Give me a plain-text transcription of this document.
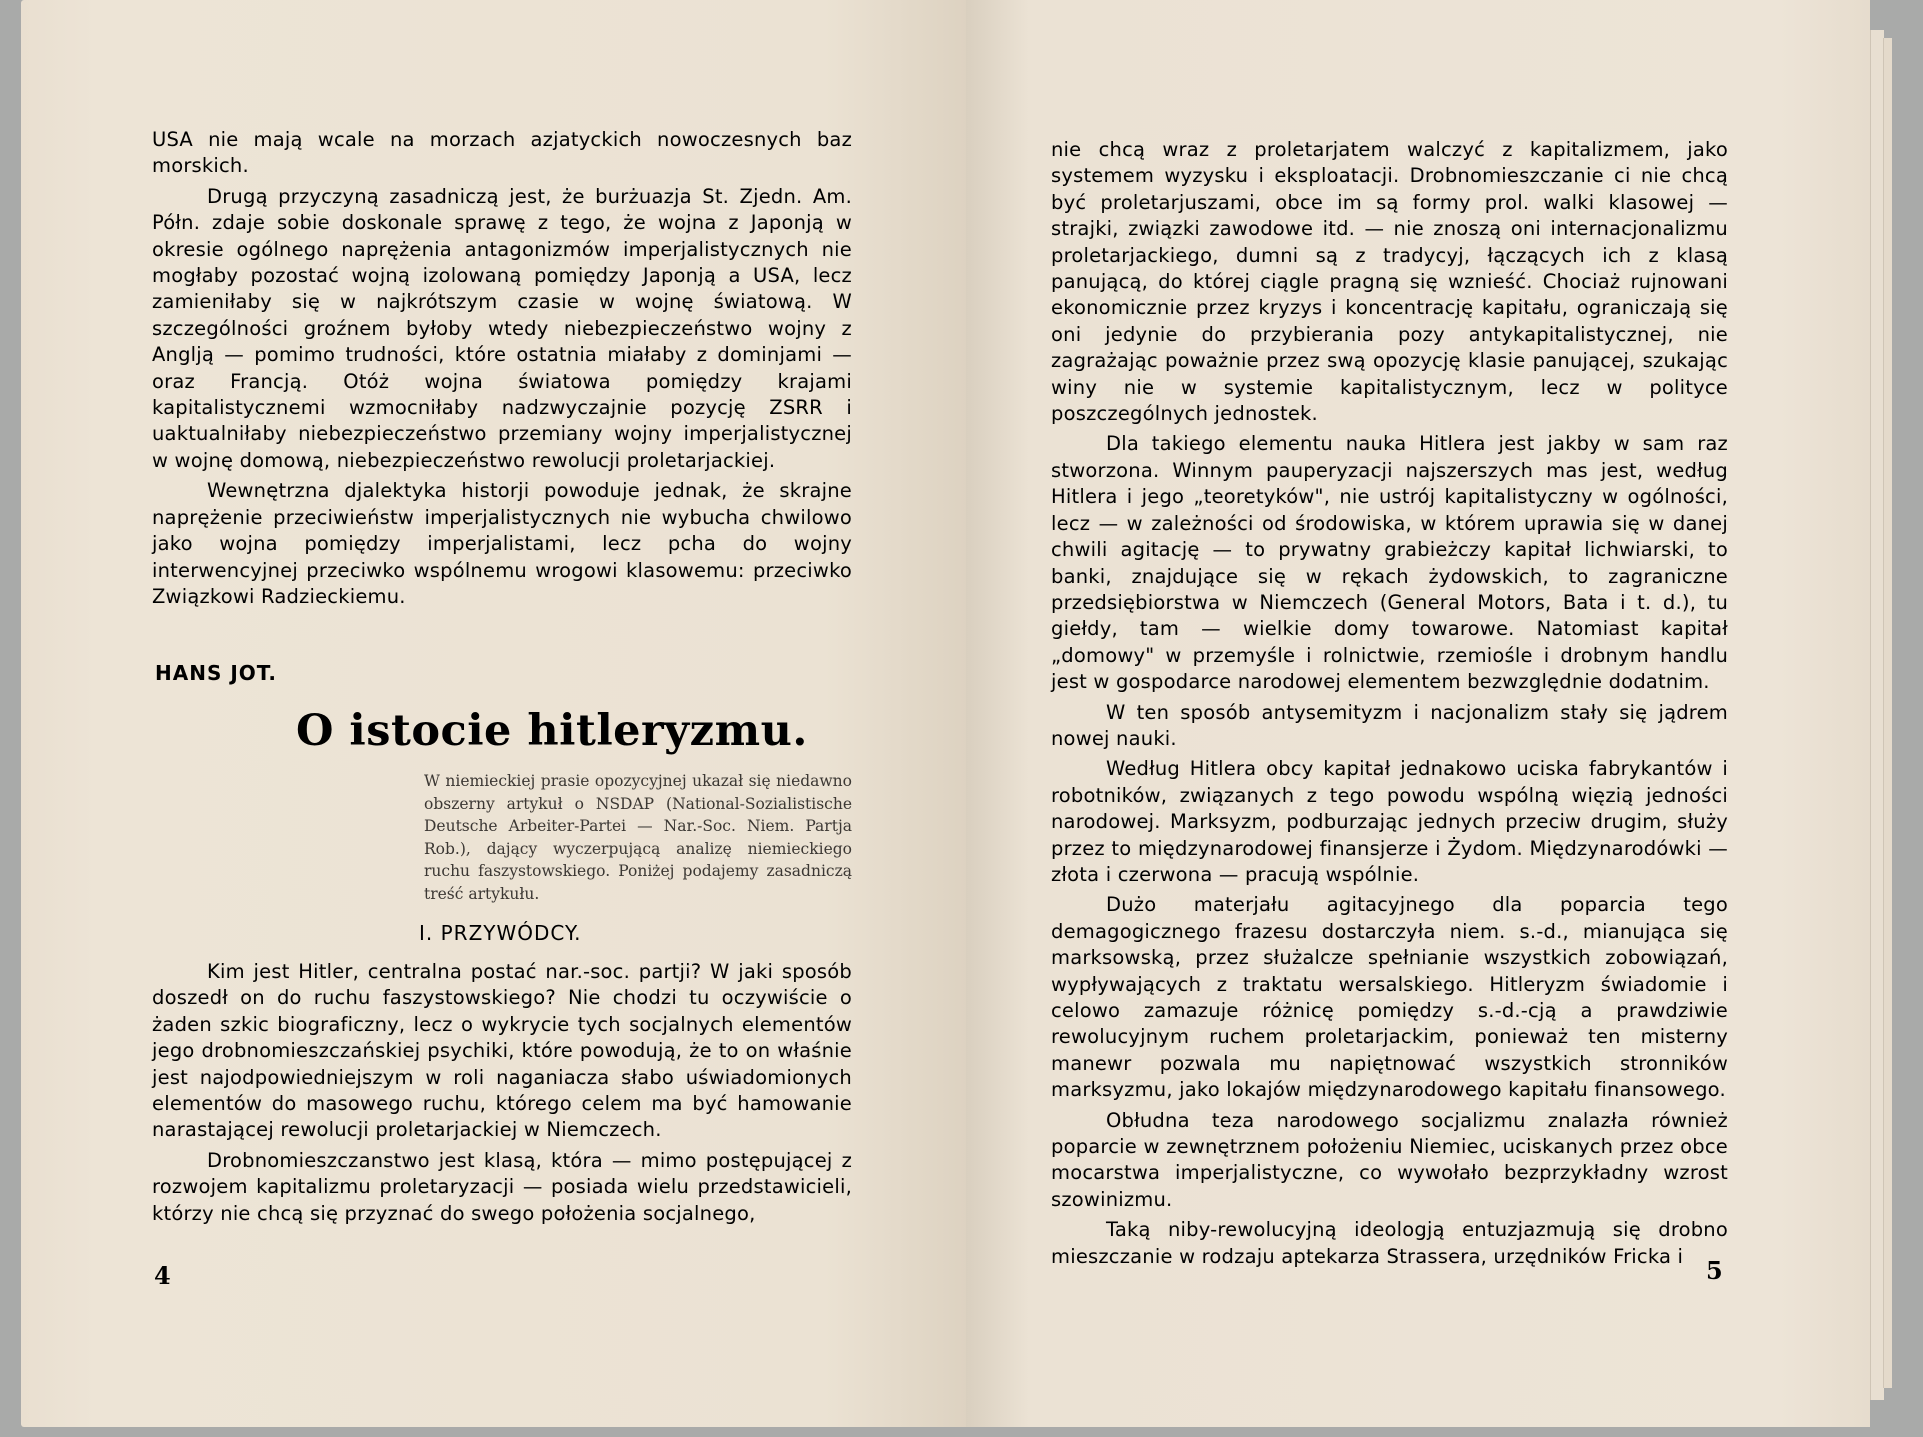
USA nie mają wcale na morzach azjatyckich nowoczesnych baz morskich.

Drugą przyczyną zasadniczą jest, że burżuazja St. Zjedn. Am. Półn. zdaje sobie doskonale sprawę z tego, że wojna z Japonją w okresie ogólnego naprężenia antagonizmów imperjalistycznych nie mogłaby pozostać wojną izolowaną pomiędzy Japonją a USA, lecz zamieniłaby się w najkrótszym czasie w wojnę światową. W szczególności groźnem byłoby wtedy niebezpieczeństwo wojny z Anglją — pomimo trudności, które ostatnia miałaby z dominjami — oraz Francją. Otóż wojna światowa pomiędzy krajami kapitalistycznemi wzmocniłaby nadzwyczajnie pozycję ZSRR i uaktualniłaby niebezpieczeństwo przemiany wojny imperjalistycznej w wojnę domową, niebezpieczeństwo rewolucji proletarjackiej.

Wewnętrzna djalektyka historji powoduje jednak, że skrajne naprężenie przeciwieństw imperjalistycznych nie wybucha chwilowo jako wojna pomiędzy imperjalistami, lecz pcha do wojny interwencyjnej przeciwko wspólnemu wrogowi klasowemu: przeciwko Związkowi Radzieckiemu.

HANS JOT.
O istocie hitleryzmu.
W niemieckiej prasie opozycyjnej ukazał się niedawno obszerny artykuł o NSDAP (National-Sozialistische Deutsche Arbeiter-Partei — Nar.-Soc. Niem. Partja Rob.), dający wyczerpującą analizę niemieckiego ruchu faszystowskiego. Poniżej podajemy zasadniczą treść artykułu.
I. PRZYWÓDCY.

Kim jest Hitler, centralna postać nar.-soc. partji? W jaki sposób doszedł on do ruchu faszystowskiego? Nie chodzi tu oczywiście o żaden szkic biograficzny, lecz o wykrycie tych socjalnych elementów jego drobnomieszczańskiej psychiki, które powodują, że to on właśnie jest najodpowiedniejszym w roli naganiacza słabo uświadomionych elementów do masowego ruchu, którego celem ma być hamowanie narastającej rewolucji proletarjackiej w Niemczech.

Drobnomieszczanstwo jest klasą, która — mimo postępującej z rozwojem kapitalizmu proletaryzacji — posiada wielu przedstawicieli, którzy nie chcą się przyznać do swego położenia socjalnego,

4

nie chcą wraz z proletarjatem walczyć z kapitalizmem, jako systemem wyzysku i eksploatacji. Drobnomieszczanie ci nie chcą być proletarjuszami, obce im są formy prol. walki klasowej — strajki, związki zawodowe itd. — nie znoszą oni internacjonalizmu proletarjackiego, dumni są z tradycyj, łączących ich z klasą panującą, do której ciągle pragną się wznieść. Chociaż rujnowani ekonomicznie przez kryzys i koncentrację kapitału, ograniczają się oni jedynie do przybierania pozy antykapitalistycznej, nie zagrażając poważnie przez swą opozycję klasie panującej, szukając winy nie w systemie kapitalistycznym, lecz w polityce poszczególnych jednostek.

Dla takiego elementu nauka Hitlera jest jakby w sam raz stworzona. Winnym pauperyzacji najszerszych mas jest, według Hitlera i jego „teoretyków", nie ustrój kapitalistyczny w ogólności, lecz — w zależności od środowiska, w którem uprawia się w danej chwili agitację — to prywatny grabieżczy kapitał lichwiarski, to banki, znajdujące się w rękach żydowskich, to zagraniczne przedsiębiorstwa w Niemczech (General Motors, Bata i t. d.), tu giełdy, tam — wielkie domy towarowe. Natomiast kapitał „domowy" w przemyśle i rolnictwie, rzemiośle i drobnym handlu jest w gospodarce narodowej elementem bezwzględnie dodatnim.

W ten sposób antysemityzm i nacjonalizm stały się jądrem nowej nauki.

Według Hitlera obcy kapitał jednakowo uciska fabrykantów i robotników, związanych z tego powodu wspólną więzią jedności narodowej. Marksyzm, podburzając jednych przeciw drugim, służy przez to międzynarodowej finansjerze i Żydom. Międzynarodówki — złota i czerwona — pracują wspólnie.

Dużo materjału agitacyjnego dla poparcia tego demagogicznego frazesu dostarczyła niem. s.-d., mianująca się marksowską, przez służalcze spełnianie wszystkich zobowiązań, wypływających z traktatu wersalskiego. Hitleryzm świadomie i celowo zamazuje różnicę pomiędzy s.-d.-cją a prawdziwie rewolucyjnym ruchem proletarjackim, ponieważ ten misterny manewr pozwala mu napiętnować wszystkich stronników marksyzmu, jako lokajów międzynarodowego kapitału finansowego.

Obłudna teza narodowego socjalizmu znalazła również poparcie w zewnętrznem położeniu Niemiec, uciskanych przez obce mocarstwa imperjalistyczne, co wywołało bezprzykładny wzrost szowinizmu.

Taką niby-rewolucyjną ideologją entuzjazmują się drobno mieszczanie w rodzaju aptekarza Strassera, urzędników Fricka i 5
